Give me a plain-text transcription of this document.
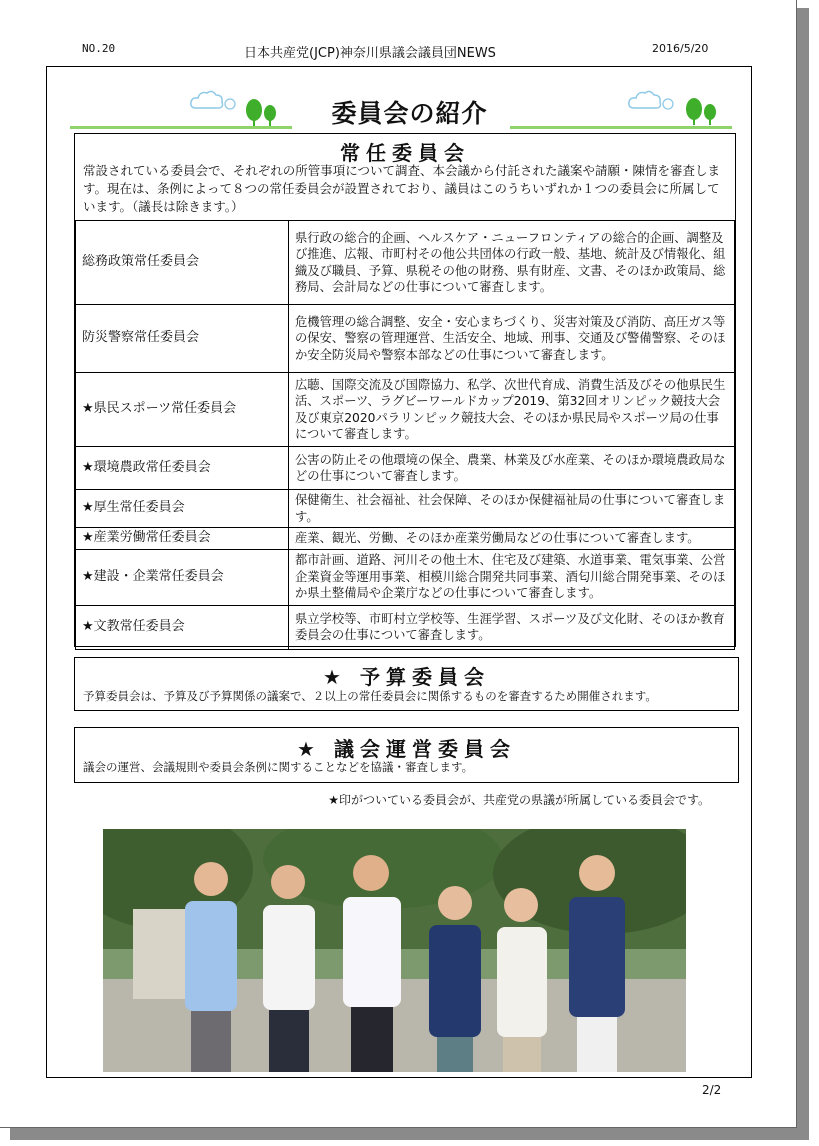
NO.20	日本共産党(JCP)神奈川県議会議員団NEWS	2016/5/20
委員会の紹介
常任委員会
常設されている委員会で、それぞれの所管事項について調査、本会議から付託された議案や請願・陳情を審査します。現在は、条例によって８つの常任委員会が設置されており、議員はこのうちいずれか１つの委員会に所属しています。（議長は除きます。）
総務政策常任委員会	県行政の総合的企画、ヘルスケア・ニューフロンティアの総合的企画、調整及び推進、広報、市町村その他公共団体の行政一般、基地、統計及び情報化、組織及び職員、予算、県税その他の財務、県有財産、文書、そのほか政策局、総務局、会計局などの仕事について審査します。
防災警察常任委員会	危機管理の総合調整、安全・安心まちづくり、災害対策及び消防、高圧ガス等の保安、警察の管理運営、生活安全、地域、刑事、交通及び警備警察、そのほか安全防災局や警察本部などの仕事について審査します。
★県民スポーツ常任委員会	広聴、国際交流及び国際協力、私学、次世代育成、消費生活及びその他県民生活、スポーツ、ラグビーワールドカップ2019、第32回オリンピック競技大会及び東京2020パラリンピック競技大会、そのほか県民局やスポーツ局の仕事について審査します。
★環境農政常任委員会	公害の防止その他環境の保全、農業、林業及び水産業、そのほか環境農政局などの仕事について審査します。
★厚生常任委員会	保健衛生、社会福祉、社会保障、そのほか保健福祉局の仕事について審査します。
★産業労働常任委員会	産業、観光、労働、そのほか産業労働局などの仕事について審査します。
★建設・企業常任委員会	都市計画、道路、河川その他土木、住宅及び建築、水道事業、電気事業、公営企業資金等運用事業、相模川総合開発共同事業、酒匂川総合開発事業、そのほか県土整備局や企業庁などの仕事について審査します。
★文教常任委員会	県立学校等、市町村立学校等、生涯学習、スポーツ及び文化財、そのほか教育委員会の仕事について審査します。
★ 予算委員会
予算委員会は、予算及び予算関係の議案で、２以上の常任委員会に関係するものを審査するため開催されます。
★ 議会運営委員会
議会の運営、会議規則や委員会条例に関することなどを協議・審査します。
★印がついている委員会が、共産党の県議が所属している委員会です。
2/2
